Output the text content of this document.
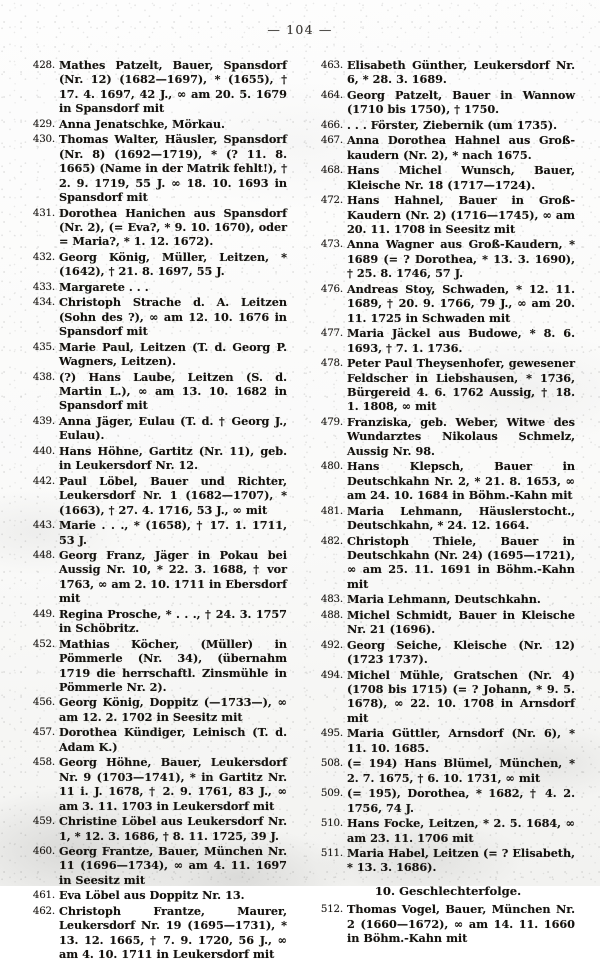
— 104 —
428. Mathes Patzelt, Bauer, Spansdorf (Nr. 12) (1682—1697), * (1655), † 17. 4. 1697, 42 J., ∞ am 20. 5. 1679 in Spansdorf mit
429. Anna Jenatschke, Mörkau.
430. Thomas Walter, Häusler, Spansdorf (Nr. 8) (1692—1719), * (? 11. 8. 1665) (Name in der Matrik fehlt!), † 2. 9. 1719, 55 J. ∞ 18. 10. 1693 in Spansdorf mit
431. Dorothea Hanichen aus Spansdorf (Nr. 2), (= Eva?, * 9. 10. 1670), oder = Maria?, * 1. 12. 1672).
432. Georg König, Müller, Leitzen, * (1642), † 21. 8. 1697, 55 J.
433. Margarete . . .
434. Christoph Strache d. A. Leitzen (Sohn des ?), ∞ am 12. 10. 1676 in Spansdorf mit
435. Marie Paul, Leitzen (T. d. Georg P. Wagners, Leitzen).
438. (?) Hans Laube, Leitzen (S. d. Martin L.), ∞ am 13. 10. 1682 in Spansdorf mit
439. Anna Jäger, Eulau (T. d. † Georg J., Eulau).
440. Hans Höhne, Gartitz (Nr. 11), geb. in Leukersdorf Nr. 12.
442. Paul Löbel, Bauer und Richter, Leukersdorf Nr. 1 (1682—1707), * (1663), † 27. 4. 1716, 53 J., ∞ mit
443. Marie . . ., * (1658), † 17. 1. 1711, 53 J.
448. Georg Franz, Jäger in Pokau bei Aussig Nr. 10, * 22. 3. 1688, † vor 1763, ∞ am 2. 10. 1711 in Ebersdorf mit
449. Regina Prosche, * . . ., † 24. 3. 1757 in Schöbritz.
452. Mathias Köcher, (Müller) in Pömmerle (Nr. 34), (übernahm 1719 die herrschaftl. Zinsmühle in Pömmerle Nr. 2).
456. Georg König, Doppitz (—1733—), ∞ am 12. 2. 1702 in Seesitz mit
457. Dorothea Kündiger, Leinisch (T. d. Adam K.)
458. Georg Höhne, Bauer, Leukersdorf Nr. 9 (1703—1741), * in Gartitz Nr. 11 i. J. 1678, † 2. 9. 1761, 83 J., ∞ am 3. 11. 1703 in Leukersdorf mit
459. Christine Löbel aus Leukersdorf Nr. 1, * 12. 3. 1686, † 8. 11. 1725, 39 J.
460. Georg Frantze, Bauer, München Nr. 11 (1696—1734), ∞ am 4. 11. 1697 in Seesitz mit
461. Eva Löbel aus Doppitz Nr. 13.
462. Christoph Frantze, Maurer, Leukersdorf Nr. 19 (1695—1731), * 13. 12. 1665, † 7. 9. 1720, 56 J., ∞ am 4. 10. 1711 in Leukersdorf mit
463. Elisabeth Günther, Leukersdorf Nr. 6, * 28. 3. 1689.
464. Georg Patzelt, Bauer in Wannow (1710 bis 1750), † 1750.
466. . . . Förster, Ziebernik (um 1735).
467. Anna Dorothea Hahnel aus Groß-kaudern (Nr. 2), * nach 1675.
468. Hans Michel Wunsch, Bauer, Kleische Nr. 18 (1717—1724).
472. Hans Hahnel, Bauer in Groß-Kaudern (Nr. 2) (1716—1745), ∞ am 20. 11. 1708 in Seesitz mit
473. Anna Wagner aus Groß-Kaudern, * 1689 (= ? Dorothea, * 13. 3. 1690), † 25. 8. 1746, 57 J.
476. Andreas Stoy, Schwaden, * 12. 11. 1689, † 20. 9. 1766, 79 J., ∞ am 20. 11. 1725 in Schwaden mit
477. Maria Jäckel aus Budowe, * 8. 6. 1693, † 7. 1. 1736.
478. Peter Paul Theysenhofer, gewesener Feldscher in Liebshausen, * 1736, Bürgereid 4. 6. 1762 Aussig, † 18. 1. 1808, ∞ mit
479. Franziska, geb. Weber, Witwe des Wundarztes Nikolaus Schmelz, Aussig Nr. 98.
480. Hans Klepsch, Bauer in Deutschkahn Nr. 2, * 21. 8. 1653, ∞ am 24. 10. 1684 in Böhm.-Kahn mit
481. Maria Lehmann, Häuslerstocht., Deutschkahn, * 24. 12. 1664.
482. Christoph Thiele, Bauer in Deutschkahn (Nr. 24) (1695—1721), ∞ am 25. 11. 1691 in Böhm.-Kahn mit
483. Maria Lehmann, Deutschkahn.
488. Michel Schmidt, Bauer in Kleische Nr. 21 (1696).
492. Georg Seiche, Kleische (Nr. 12) (1723 1737).
494. Michel Mühle, Gratschen (Nr. 4) (1708 bis 1715) (= ? Johann, * 9. 5. 1678), ∞ 22. 10. 1708 in Arnsdorf mit
495. Maria Güttler, Arnsdorf (Nr. 6), * 11. 10. 1685.
508. (= 194) Hans Blümel, München, * 2. 7. 1675, † 6. 10. 1731, ∞ mit
509. (= 195), Dorothea, * 1682, † 4. 2. 1756, 74 J.
510. Hans Focke, Leitzen, * 2. 5. 1684, ∞ am 23. 11. 1706 mit
511. Maria Habel, Leitzen (= ? Elisabeth, * 13. 3. 1686).
10. Geschlechterfolge.
512. Thomas Vogel, Bauer, München Nr. 2 (1660—1672), ∞ am 14. 11. 1660 in Böhm.-Kahn mit
